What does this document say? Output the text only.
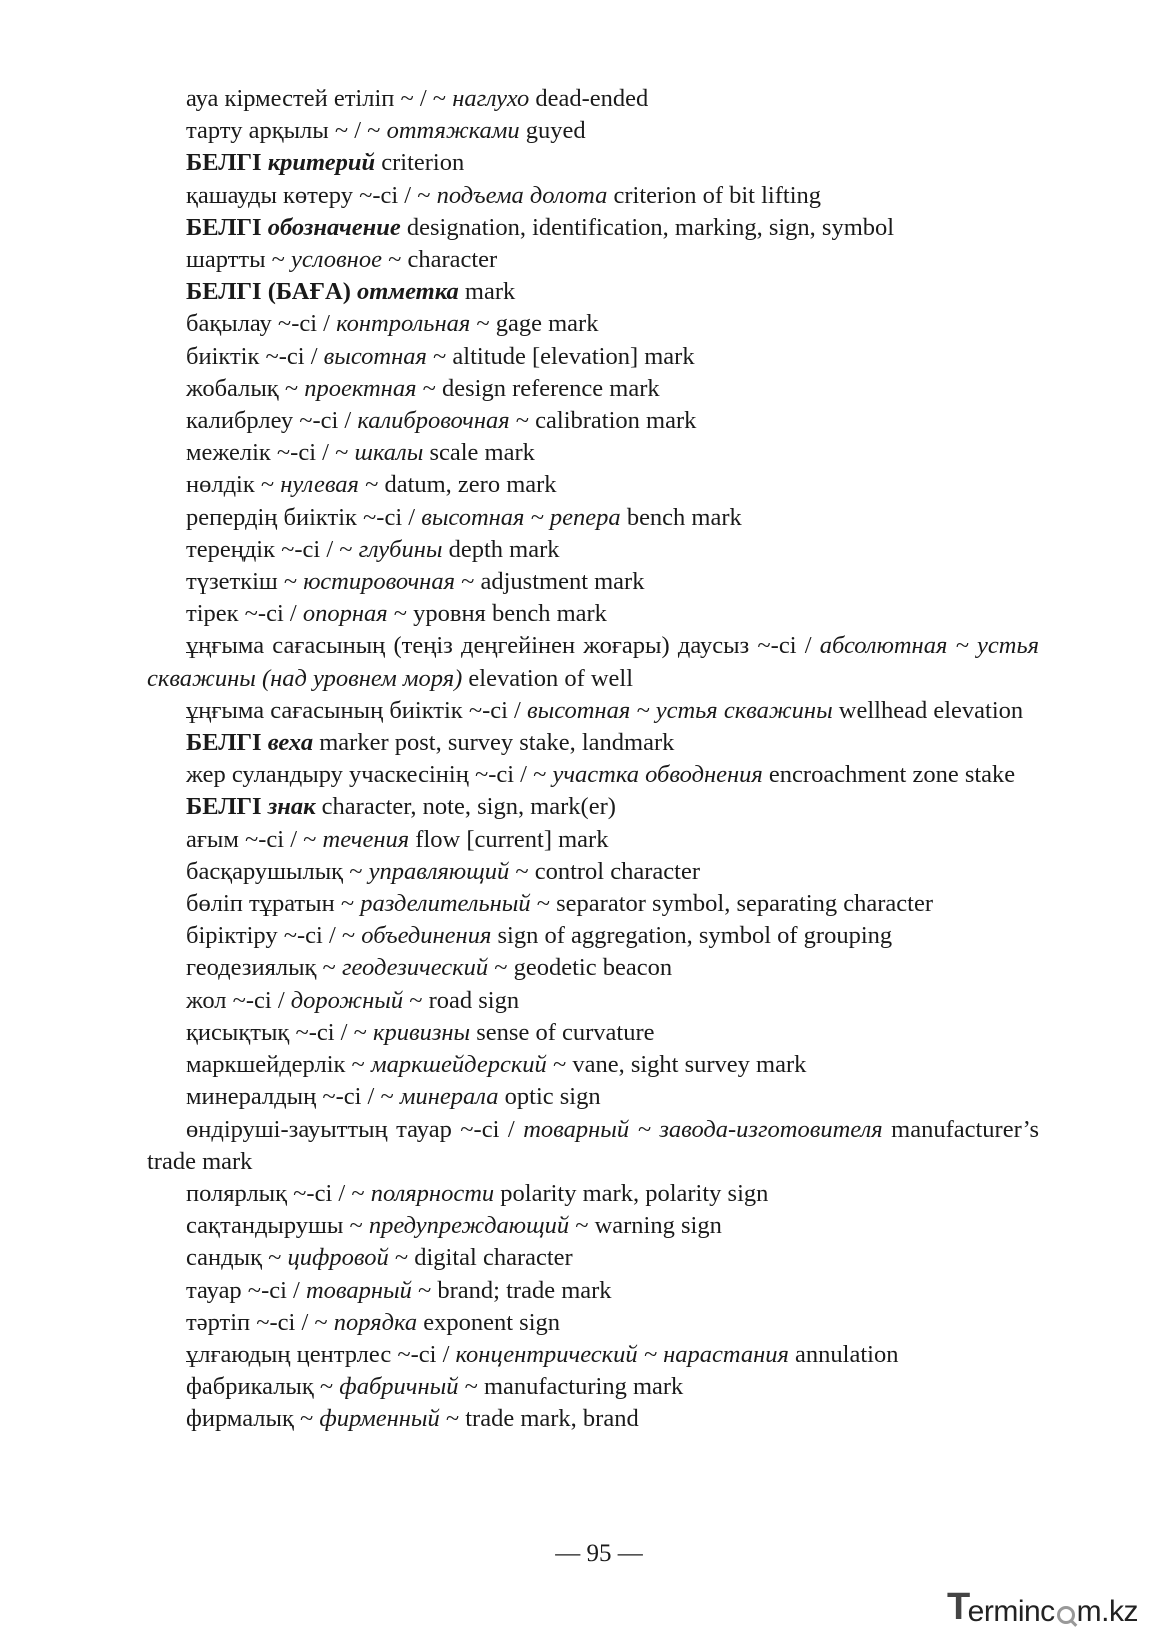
ауа кірместей етіліп ~ / ~ наглухо dead-ended
тарту арқылы ~ / ~ оттяжками guyed
БЕЛГІ критерий criterion
қашауды көтеру ~-сі / ~ подъема долота criterion of bit lifting
БЕЛГІ обозначение designation, identification, marking, sign, symbol
шартты ~ условное ~ character
БЕЛГІ (БАҒА) отметка mark
бақылау ~-сі / контрольная ~ gage mark
биіктік ~-сі / высотная ~ altitude [elevation] mark
жобалық ~ проектная ~ design reference mark
калибрлеу ~-сі / калибровочная ~ calibration mark
межелік ~-сі / ~ шкалы scale mark
нөлдік ~ нулевая ~ datum, zero mark
репердің биіктік ~-сі / высотная ~ репера bench mark
тереңдік ~-сі / ~ глубины depth mark
түзеткіш ~ юстировочная ~ adjustment mark
тірек ~-сі / опорная ~ уровня bench mark
ұңғыма сағасының (теңіз деңгейінен жоғары) даусыз ~-сі / абсолютная ~ устья скважины (над уровнем моря) elevation of well
ұңғыма сағасының биіктік ~-сі / высотная ~ устья скважины wellhead elevation
БЕЛГІ веха marker post, survey stake, landmark
жер суландыру учаскесінің ~-сі / ~ участка обводнения encroachment zone stake
БЕЛГІ знак character, note, sign, mark(er)
ағым ~-сі / ~ течения flow [current] mark
басқарушылық ~ управляющий ~ control character
бөліп тұратын ~ разделительный ~ separator symbol, separating character
біріктіру ~-сі / ~ объединения sign of aggregation, symbol of grouping
геодезиялық ~ геодезический ~ geodetic beacon
жол ~-сі / дорожный ~ road sign
қисықтық ~-сі / ~ кривизны sense of curvature
маркшейдерлік ~ маркшейдерский ~ vane, sight survey mark
минералдың ~-сі / ~ минерала optic sign
өндіруші-зауыттың тауар ~-сі / товарный ~ завода-изготовителя manufacturer’s trade mark
полярлық ~-сі / ~ полярности polarity mark, polarity sign
сақтандырушы ~ предупреждающий ~ warning sign
сандық ~ цифровой ~ digital character
тауар ~-сі / товарный ~ brand; trade mark
тәртіп ~-сі / ~ порядка exponent sign
ұлғаюдың центрлес ~-сі / концентрический ~ нарастания annulation
фабрикалық ~ фабричный ~ manufacturing mark
фирмалық ~ фирменный ~ trade mark, brand
— 95 —
T
erminc m.kz
